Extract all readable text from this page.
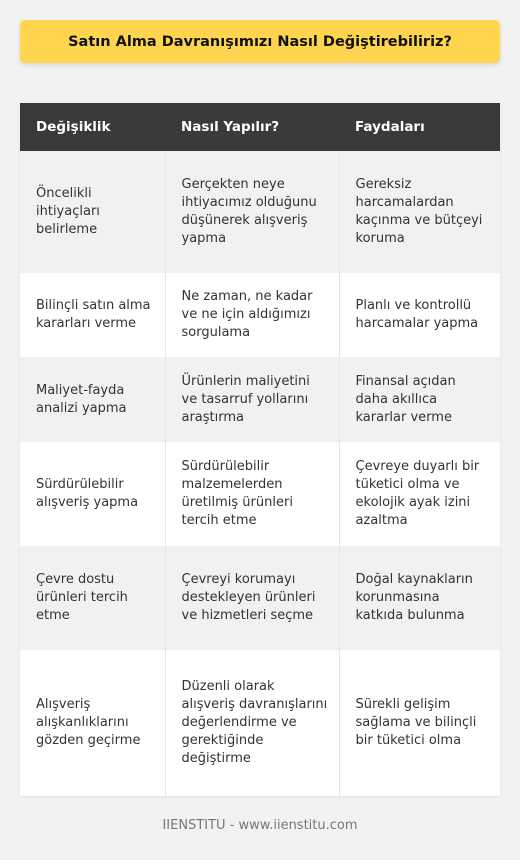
Satın Alma Davranışımızı Nasıl Değiştirebiliriz?
Değişiklik	Nasıl Yapılır?	Faydaları
Öncelikli ihtiyaçları belirleme	Gerçekten neye ihtiyacımız olduğunu düşünerek alışveriş yapma	Gereksiz harcamalardan kaçınma ve bütçeyi koruma
Bilinçli satın alma kararları verme	Ne zaman, ne kadar ve ne için aldığımızı sorgulama	Planlı ve kontrollü harcamalar yapma
Maliyet-fayda analizi yapma	Ürünlerin maliyetini ve tasarruf yollarını araştırma	Finansal açıdan daha akıllıca kararlar verme
Sürdürülebilir alışveriş yapma	Sürdürülebilir malzemelerden üretilmiş ürünleri tercih etme	Çevreye duyarlı bir tüketici olma ve ekolojik ayak izini azaltma
Çevre dostu ürünleri tercih etme	Çevreyi korumayı destekleyen ürünleri ve hizmetleri seçme	Doğal kaynakların korunmasına katkıda bulunma
Alışveriş alışkanlıklarını gözden geçirme	Düzenli olarak alışveriş davranışlarını değerlendirme ve gerektiğinde değiştirme	Sürekli gelişim sağlama ve bilinçli bir tüketici olma
IIENSTITU - www.iienstitu.com
